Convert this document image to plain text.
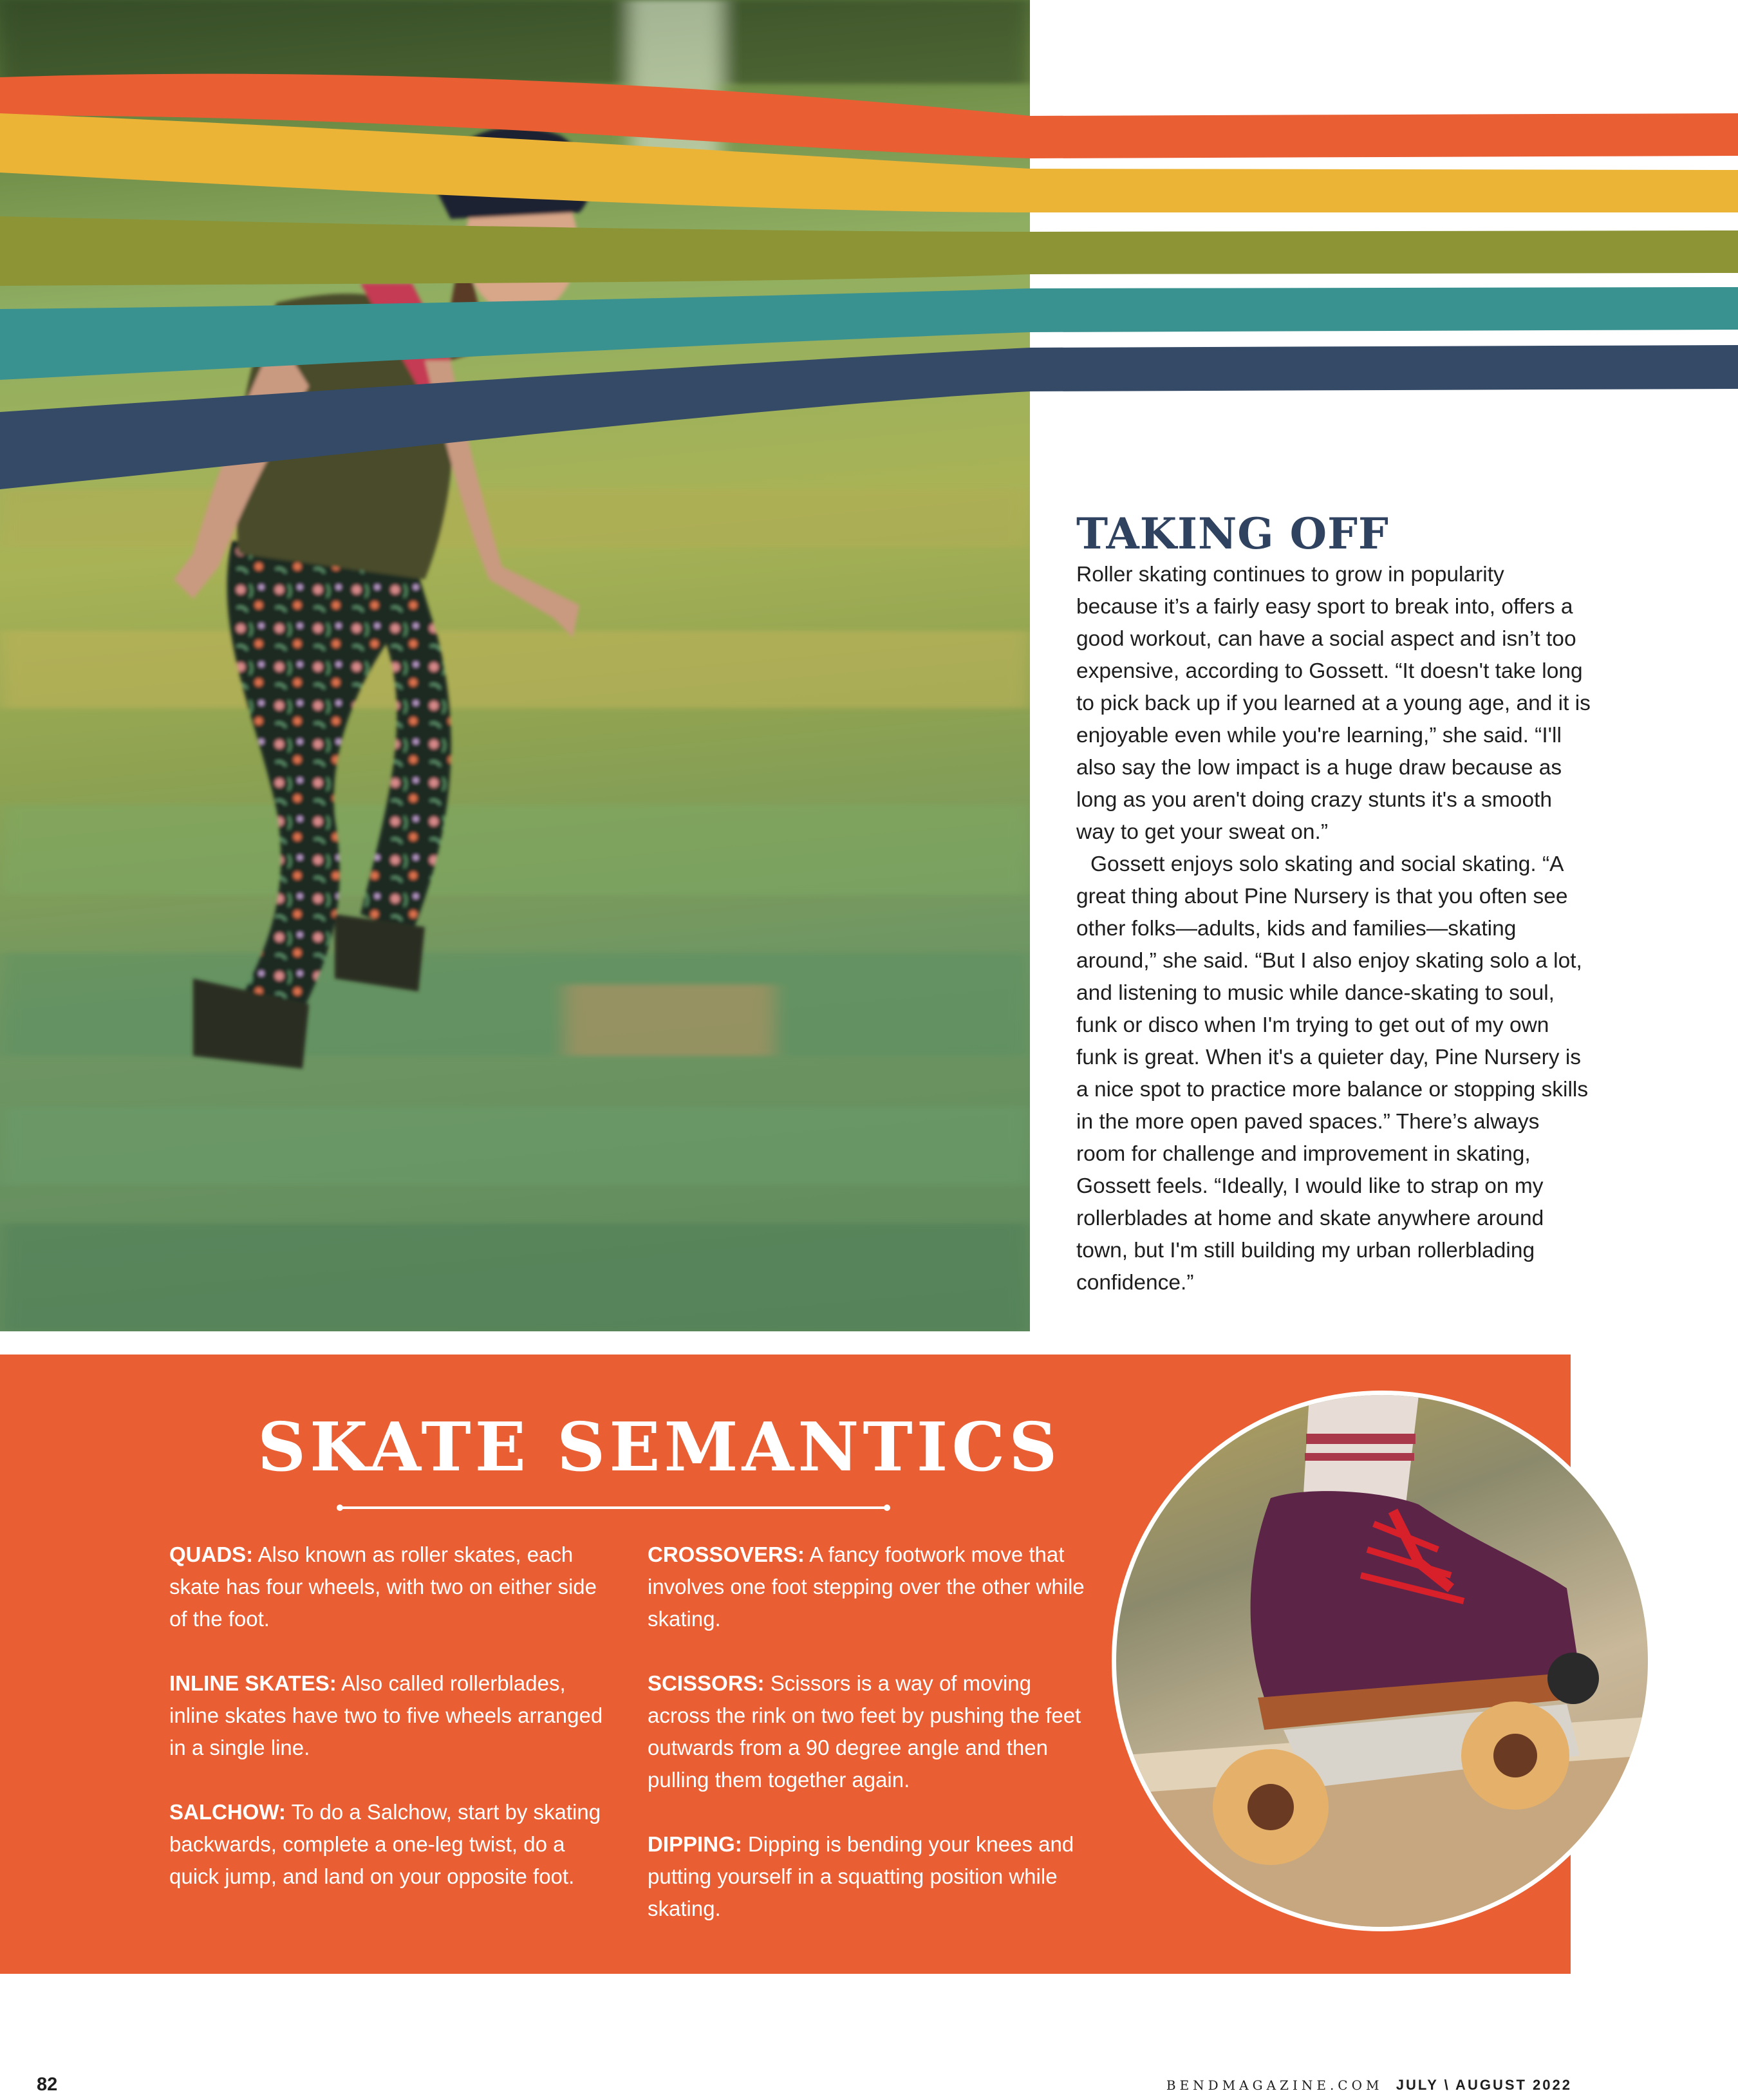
TAKING OFF

Roller skating continues to grow in popularity because it’s a fairly easy sport to break into, offers a good workout, can have a social aspect and isn’t too expensive, according to Gossett. “It doesn't take long to pick back up if you learned at a young age, and it is enjoyable even while you're learning,” she said. “I'll also say the low impact is a huge draw because as long as you aren't doing crazy stunts it's a smooth way to get your sweat on.”

Gossett enjoys solo skating and social skating. “A great thing about Pine Nursery is that you often see other folks—adults, kids and families—skating around,” she said. “But I also enjoy skating solo a lot, and listening to music while dance-skating to soul, funk or disco when I'm trying to get out of my own funk is great. When it's a quieter day, Pine Nursery is a nice spot to practice more balance or stopping skills in the more open paved spaces.” There’s always room for challenge and improvement in skating, Gossett feels. “Ideally, I would like to strap on my rollerblades at home and skate anywhere around town, but I'm still building my urban rollerblading confidence.”

SKATE SEMANTICS

QUADS: Also known as roller skates, each skate has four wheels, with two on either side of the foot.

INLINE SKATES: Also called rollerblades, inline skates have two to five wheels arranged in a single line.

SALCHOW: To do a Salchow, start by skating backwards, complete a one-leg twist, do a quick jump, and land on your opposite foot.

CROSSOVERS: A fancy footwork move that involves one foot stepping over the other while skating.

SCISSORS: Scissors is a way of moving across the rink on two feet by pushing the feet outwards from a 90 degree angle and then pulling them together again.

DIPPING: Dipping is bending your knees and putting yourself in a squatting position while skating.

82	BENDMAGAZINE.COM JULY \ AUGUST 2022
